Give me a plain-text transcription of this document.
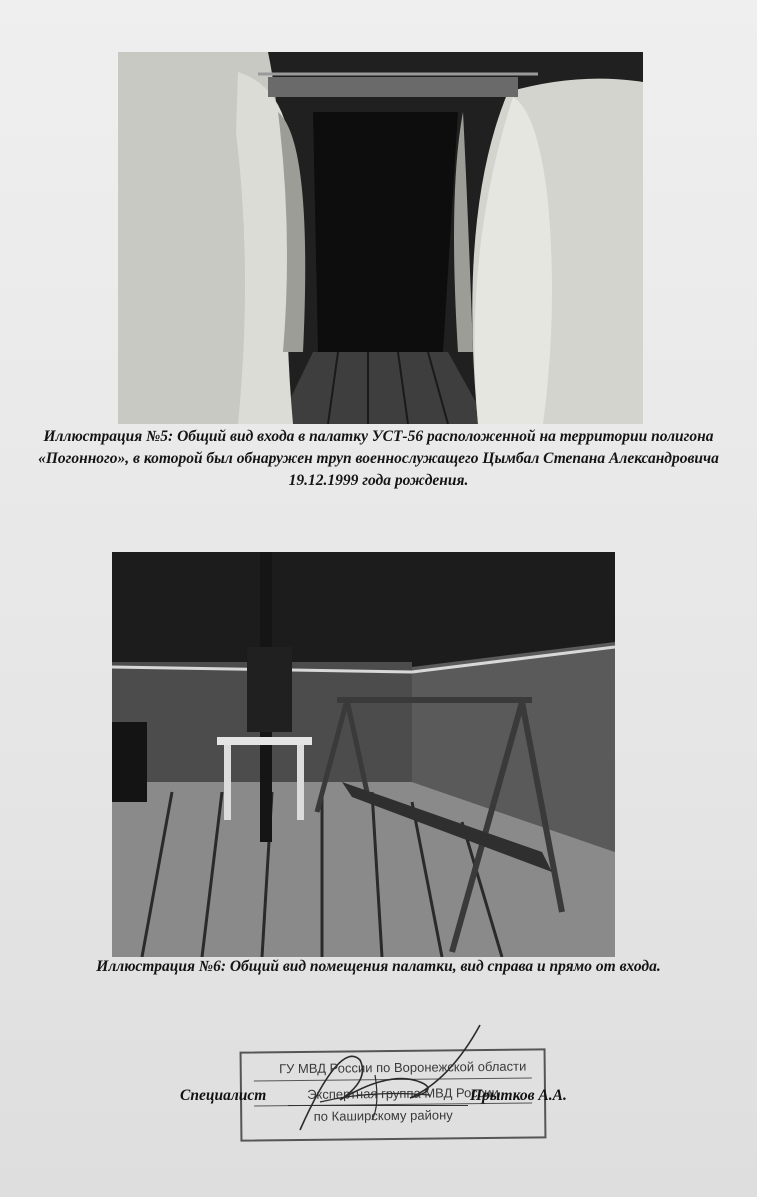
Иллюстрация №5: Общий вид входа в палатку УСТ-56 расположенной на территории полигона «Погонного», в которой был обнаружен труп военнослужащего Цымбал Степана Александровича 19.12.1999 года рождения.
Иллюстрация №6: Общий вид помещения палатки, вид справа и прямо от входа.
ГУ МВД России по Воронежской области
Экспертная группа МВД России
по Каширскому району
Специалист	Прытков А.А.
